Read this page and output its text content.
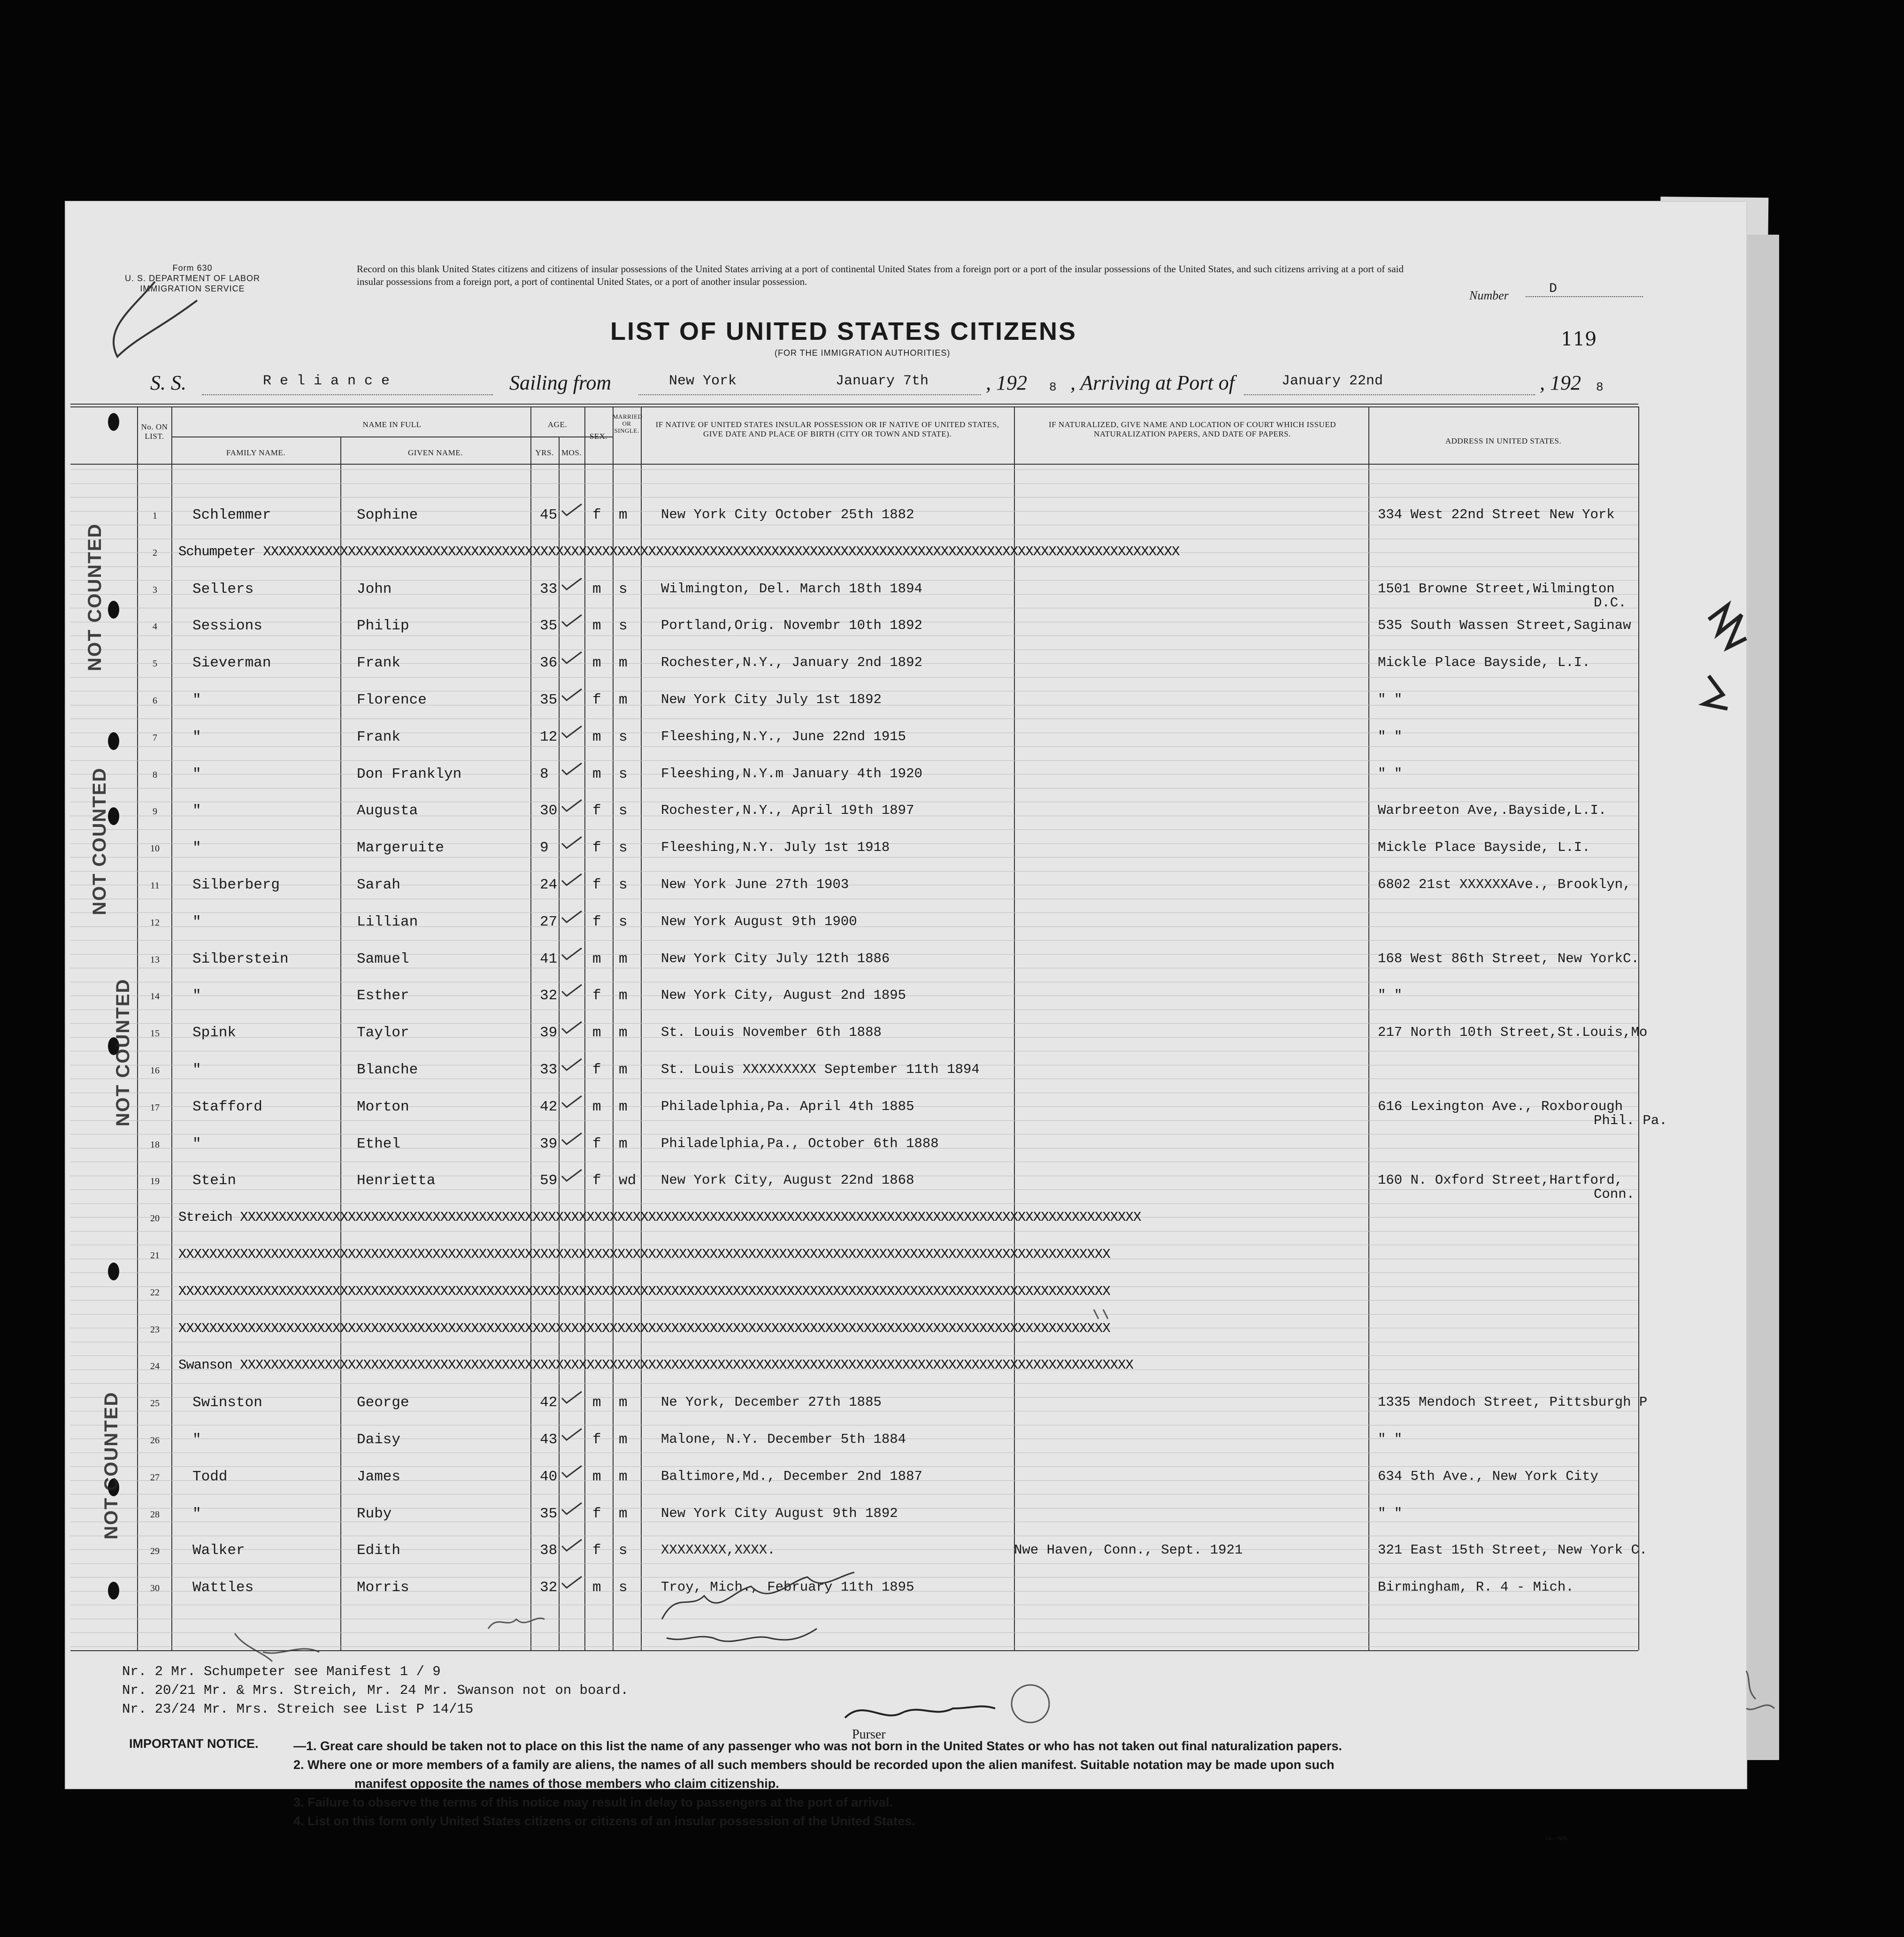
Form 630
U. S. DEPARTMENT OF LABOR
IMMIGRATION SERVICE
Record on this blank United States citizens and citizens of insular possessions of the United States arriving at a port of continental United States from a foreign port or a port of the insular possessions of the United States, and such citizens arriving at a port of said insular possessions from a foreign port, a port of continental United States, or a port of another insular possession.
Number	D
119
LIST OF UNITED STATES CITIZENS
(FOR THE IMMIGRATION AUTHORITIES)
S. S.	R e l i a n c e	Sailing from	New York	January 7th	, 192 8 , Arriving at Port of	January 22nd	, 192 8
No. ON LIST.
NAME IN FULL
FAMILY NAME.	GIVEN NAME.
AGE.
YRS. MOS.
SEX.
MARRIED OR SINGLE.
IF NATIVE OF UNITED STATES INSULAR POSSESSION OR IF NATIVE OF UNITED STATES, GIVE DATE AND PLACE OF BIRTH (CITY OR TOWN AND STATE).
IF NATURALIZED, GIVE NAME AND LOCATION OF COURT WHICH ISSUED NATURALIZATION PAPERS, AND DATE OF PAPERS.
ADDRESS IN UNITED STATES.
1	Schlemmer	Sophine	45 f m New York City October 25th 1882	334 West 22nd Street New York
2	Schumpeter XXXXXXXXXXXXXXXXXXXXXXXXXXXXXXXXXXXXXXXXXXXXXXXXXXXXXXXXXXXXXXXXXXXXXXXXXXXXXXXXXXXXXXXXXXXXXXXXXXXXXXXXXXXXXXXXXXXXXXX
3	Sellers	John	33 m s Wilmington, Del. March 18th 1894	1501 Browne Street,Wilmington
D.C.
4	Sessions	Philip	35 m s Portland,Orig. Novembr 10th 1892	535 South Wassen Street,Saginaw
5	Sieverman	Frank	36 m m Rochester,N.Y., January 2nd 1892	Mickle Place Bayside, L.I.
6	"	Florence	35 f m New York City July 1st 1892	" "
7	"	Frank	12 m s Fleeshing,N.Y., June 22nd 1915	" "
8	"	Don Franklyn	8	m s Fleeshing,N.Y.m January 4th 1920	" "
9	"	Augusta	30 f s Rochester,N.Y., April 19th 1897	Warbreeton Ave,.Bayside,L.I.
10	"	Margeruite	9	f s Fleeshing,N.Y. July 1st 1918	Mickle Place Bayside, L.I.
11	Silberberg	Sarah	24 f s New York June 27th 1903	6802 21st XXXXXXAve., Brooklyn,
12	"	Lillian	27 f s New York August 9th 1900
13	Silberstein	Samuel	41 m m New York City July 12th 1886	168 West 86th Street, New YorkC.
14	"	Esther	32 f m New York City, August 2nd 1895	" "
15	Spink	Taylor	39 m m St. Louis November 6th 1888	217 North 10th Street,St.Louis,Mo
16	"	Blanche	33 f m St. Louis XXXXXXXXX September 11th 1894
17	Stafford	Morton	42 m m Philadelphia,Pa. April 4th 1885	616 Lexington Ave., Roxborough
Phil. Pa.
18	"	Ethel	39 f m Philadelphia,Pa., October 6th 1888
19	Stein	Henrietta	59 f wd New York City, August 22nd 1868	160 N. Oxford Street,Hartford,
Conn.
20	Streich XXXXXXXXXXXXXXXXXXXXXXXXXXXXXXXXXXXXXXXXXXXXXXXXXXXXXXXXXXXXXXXXXXXXXXXXXXXXXXXXXXXXXXXXXXXXXXXXXXXXXXXXXXXXXXXXXXXXX
21	XXXXXXXXXXXXXXXXXXXXXXXXXXXXXXXXXXXXXXXXXXXXXXXXXXXXXXXXXXXXXXXXXXXXXXXXXXXXXXXXXXXXXXXXXXXXXXXXXXXXXXXXXXXXXXXXXXXXXXXXX
22	XXXXXXXXXXXXXXXXXXXXXXXXXXXXXXXXXXXXXXXXXXXXXXXXXXXXXXXXXXXXXXXXXXXXXXXXXXXXXXXXXXXXXXXXXXXXXXXXXXXXXXXXXXXXXXXXXXXXXXXXX
23	XXXXXXXXXXXXXXXXXXXXXXXXXXXXXXXXXXXXXXXXXXXXXXXXXXXXXXXXXXXXXXXXXXXXXXXXXXXXXXXXXXXXXXXXXXXXXXXXXXXXXXXXXXXXXXXXXXXXXXXXX
24	Swanson XXXXXXXXXXXXXXXXXXXXXXXXXXXXXXXXXXXXXXXXXXXXXXXXXXXXXXXXXXXXXXXXXXXXXXXXXXXXXXXXXXXXXXXXXXXXXXXXXXXXXXXXXXXXXXXXXXXX
25	Swinston	George	42 m m Ne York, December 27th 1885	1335 Mendoch Street, Pittsburgh P
26	"	Daisy	43 f m Malone, N.Y. December 5th 1884	" "
27	Todd	James	40 m m Baltimore,Md., December 2nd 1887	634 5th Ave., New York City
28	"	Ruby	35 f m New York City August 9th 1892	" "
29	Walker	Edith	38 f s XXXXXXXX,XXXX.	Nwe Haven, Conn., Sept. 1921	321 East 15th Street, New York C.
30	Wattles	Morris	32 m s Troy, Mich., February 11th 1895	Birmingham, R. 4 - Mich.
NOT COUNTED
NOT COUNTED
NOT COUNTED
NOT COUNTED
Nr. 2 Mr. Schumpeter see Manifest 1 / 9
Nr. 20/21 Mr. & Mrs. Streich, Mr. 24 Mr. Swanson not on board.
Nr. 23/24 Mr. Mrs. Streich see List P 14/15
Purser
IMPORTANT NOTICE.	—1. Great care should be taken not to place on this list the name of any passenger who was not born in the United States or who has not taken out final naturalization papers.

2. Where one or more members of a family are aliens, the names of all such members should be recorded upon the alien manifest. Suitable notation may be made upon such

manifest opposite the names of those members who claim citizenship.

3. Failure to observe the terms of this notice may result in delay to passengers at the port of arrival.

4. List on this form only United States citizens or citizens of an insular possession of the United States.

14—606
